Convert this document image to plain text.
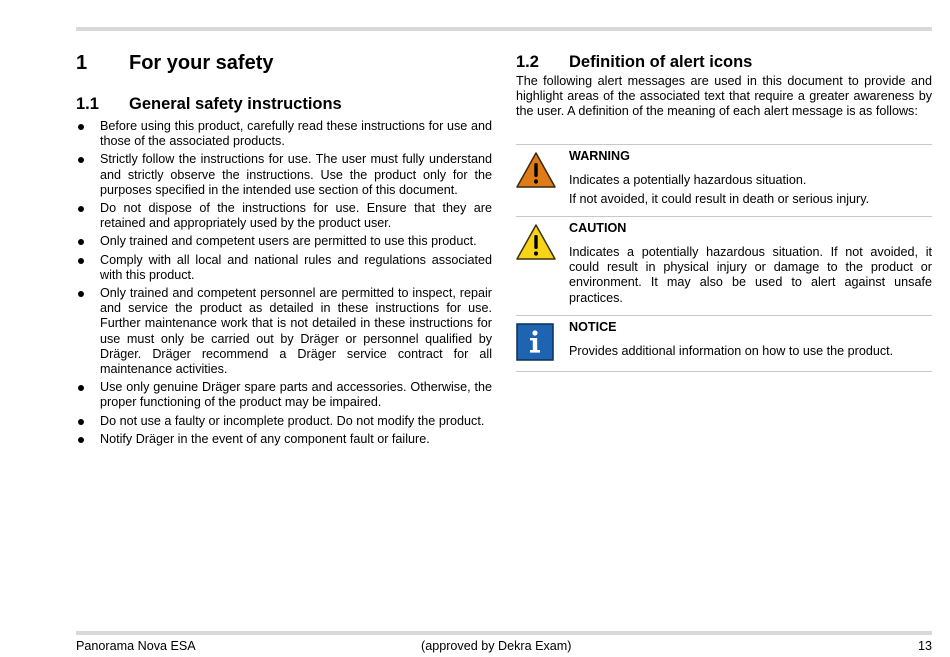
1	For your safety
1.1	General safety instructions
Before using this product, carefully read these instructions for use and those of the associated products.
Strictly follow the instructions for use. The user must fully understand and strictly observe the instructions. Use the product only for the purposes specified in the intended use section of this document.
Do not dispose of the instructions for use. Ensure that they are retained and appropriately used by the product user.
Only trained and competent users are permitted to use this product.
Comply with all local and national rules and regulations associated with this product.
Only trained and competent personnel are permitted to inspect, repair and service the product as detailed in these instructions for use. Further maintenance work that is not detailed in these instructions for use must only be carried out by Dräger or personnel qualified by Dräger. Dräger recommend a Dräger service contract for all maintenance activities.
Use only genuine Dräger spare parts and accessories. Otherwise, the proper functioning of the product may be impaired.
Do not use a faulty or incomplete product. Do not modify the product.
Notify Dräger in the event of any component fault or failure.
1.2	Definition of alert icons

The following alert messages are used in this document to provide and highlight areas of the associated text that require a greater awareness by the user. A definition of the meaning of each alert message is as follows:

WARNING

Indicates a potentially hazardous situation.

If not avoided, it could result in death or serious injury.

CAUTION

Indicates a potentially hazardous situation. If not avoided, it could result in physical injury or damage to the product or environment. It may also be used to alert against unsafe practices.

NOTICE

Provides additional information on how to use the product.

Panorama Nova ESA	(approved by Dekra Exam)	13
